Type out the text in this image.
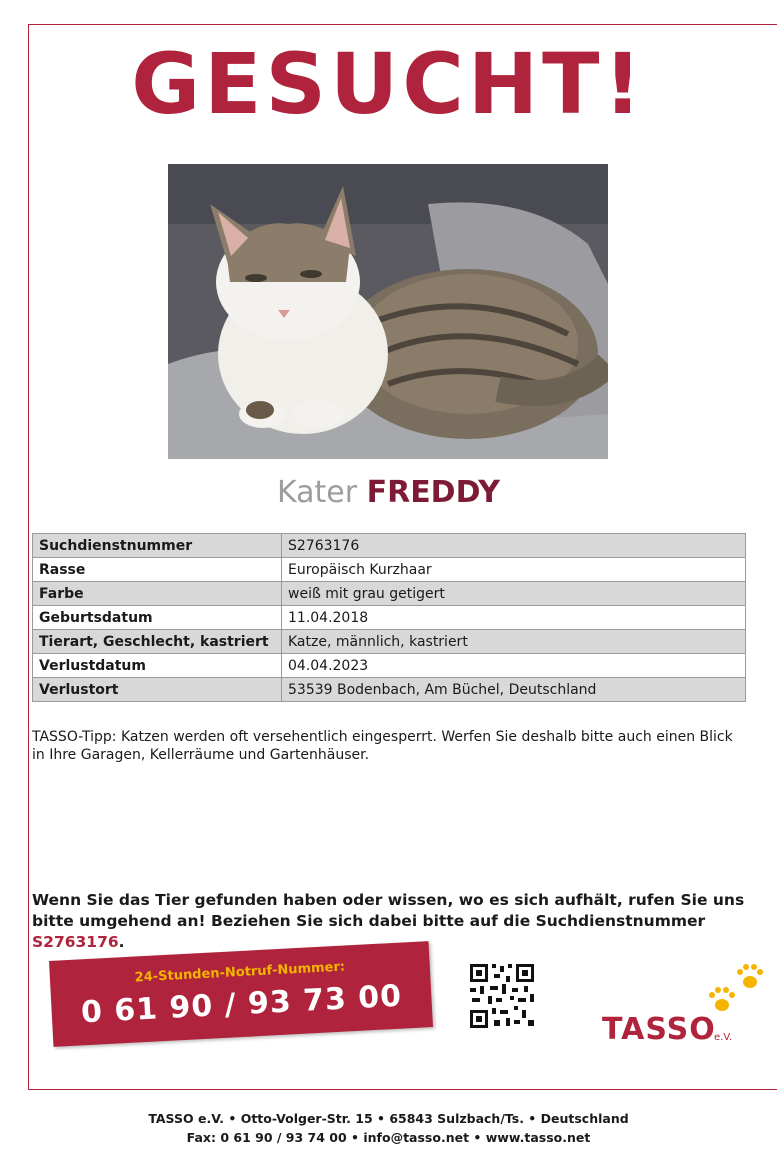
GESUCHT!
Kater FREDDY
Suchdienstnummer	S2763176
Rasse	Europäisch Kurzhaar
Farbe	weiß mit grau getigert
Geburtsdatum	11.04.2018
Tierart, Geschlecht, kastriert	Katze, männlich, kastriert
Verlustdatum	04.04.2023
Verlustort	53539 Bodenbach, Am Büchel, Deutschland
TASSO-Tipp: Katzen werden oft versehentlich eingesperrt. Werfen Sie deshalb bitte auch einen Blick in Ihre Garagen, Kellerräume und Gartenhäuser.
Wenn Sie das Tier gefunden haben oder wissen, wo es sich aufhält, rufen Sie uns bitte umgehend an! Beziehen Sie sich dabei bitte auf die Suchdienstnummer S2763176.
24-Stunden-Notruf-Nummer:
0 61 90 / 93 73 00	TASSO
e.V.
TASSO e.V. • Otto-Volger-Str. 15 • 65843 Sulzbach/Ts. • Deutschland
Fax: 0 61 90 / 93 74 00 • info@tasso.net • www.tasso.net
